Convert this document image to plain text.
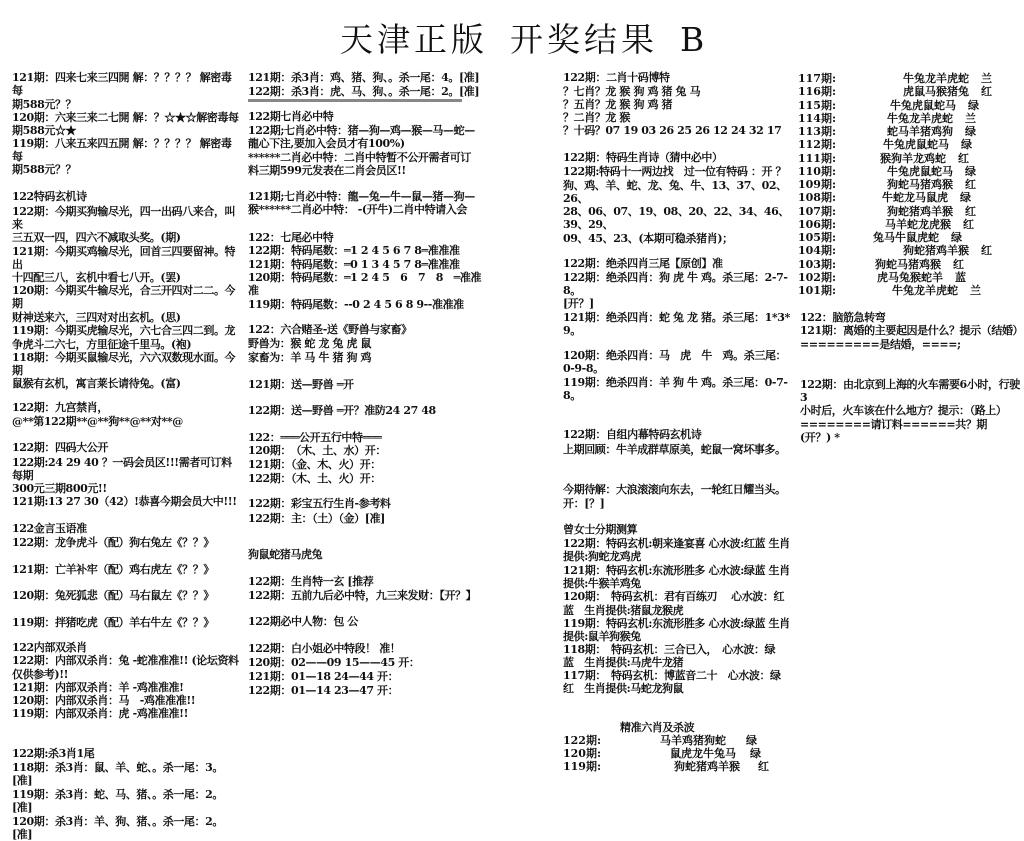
天津正版 开奖结果 B
121期：四来七来三四開 解：？？？？ 解密毒每
期588元？？
120期：六来三来二七開 解：？☆★☆解密毒每
期588元☆★
119期：八来五来四五開 解：？？？？ 解密毒每
期588元？？
122特码玄机诗
122期：今期买狗输尽光，四一出码八来合，叫来
三五双一四，四六不减取头奖。(期)
121期：今期买鸡输尽光，回首三四要留神。特出
十四配三八，玄机中看七八开。(罢)
120期：今期买牛输尽光，合三开四对二二。今期
财神送来六，三四对对出玄机。(思)
119期：今期买虎输尽光，六七合三四二到。龙
争虎斗二六七，方里征途千里马。(袍)
118期：今期买鼠输尽光，六六双数现水面。今期
鼠猴有玄机，寓言莱长请待兔。(富)
122期：九宫禁肖，
@**第122期**@**狗**@**对**@
122期：四码大公开
122期:24 29 40 ？一码会员区!!!需者可订料每期
300元三期800元!!
121期:13 27 30（42）!恭喜今期会员大中!!!
122金言玉语准
122期：龙争虎斗（配）狗右兔左《？？》
121期：亡羊补牢（配）鸡右虎左《？？》
120期：兔死狐悲（配）马右鼠左《？？》
119期：拌猪吃虎（配）羊右牛左《？？》
122内部双杀肖
122期：内部双杀肖：兔 -蛇准准准!! (论坛资料
仅供参考)!!
121期：内部双杀肖：羊 -鸡准准准!
120期：内部双杀肖：马　-鸡准准准!!
119期：内部双杀肖：虎 -鸡准准准!!
122期:杀3肖1尾
118期：杀3肖：鼠、羊、蛇、。杀一尾：3。[准]
119期：杀3肖：蛇、马、猪、。杀一尾：2。[准]
120期：杀3肖：羊、狗、猪、。杀一尾：2。[准]
121期：杀3肖：鸡、猪、狗、。杀一尾：4。[准]
122期：杀3肖：虎、马、狗、。杀一尾：2。[准]
122期七肖必中特
122期;七肖必中特：猪—狗—鸡—猴—马—蛇—
龍心下注,要加入会员才有100%)
******二肖必中特：二肖中特暂不公开需者可订
料三期599元发表在二肖会员区!!
121期;七肖必中特：龍—兔—牛—鼠—猪—狗—
猴******二肖必中特： -(开牛)二肖中特请入会
122：七尾必中特
122期：特码尾数：═1 2 4 5 6 7 8═准准准
121期：特码尾数：═0 1 3 4 5 7 8═准准准
120期：特码尾数：═1 2 4 5　6　7　8　═准准
准
119期：特码尾数：--0 2 4 5 6 8 9--准准准
122：六合赌圣-送《野兽与家畜》
野兽为：猴 蛇 龙 兔 虎 鼠
家畜为：羊 马 牛 猪 狗 鸡
121期：送—野兽 ═开
122期：送—野兽 ═开？准防24 27 48
122：═══公开五行中特═══
120期：　（木、土、水）开：
121期：（金、木、火）开：
122期：（木、土、火）开：
122期：彩宝五行生肖-参考料
122期：主：（土）（金）[准]
狗鼠蛇猪马虎兔
122期：生肖特一玄 [推荐
122期：五前九后必中特，九三来发财：【开？】
122期必中人物：包 公
122期：白小姐必中特段！ 准！
120期：02——09 15——45 开：
121期：01—18 24—44 开：
122期：01—14 23—47 开：
122期：二肖十码博特
？七肖？龙 猴 狗 鸡 猪 兔 马
？五肖？龙 猴 狗 鸡 猪
？二肖？龙 猴
？十码？07 19 03 26 25 26 12 24 32 17
122期：特码生肖诗（猜中必中）
122期:特码十一两边找　过一位有特码 ：开 ？
狗、鸡、羊、蛇、龙、兔、牛、13、37、02、26、
28、06、07、19、08、20、22、34、46、39、29、
09、45、23、(本期可稳杀猪肖)；
122期：绝杀四肖三尾【原创】准
122期：绝杀四肖：狗 虎 牛 鸡。杀三尾：2-7-8。
[开？]
121期：绝杀四肖：蛇 兔 龙 猪。杀三尾：1*3*9。
120期：绝杀四肖：马　虎　牛　鸡。杀三尾：
0-9-8。
119期：绝杀四肖：羊 狗 牛 鸡。杀三尾：0-7-8。
122期：自组内幕特码玄机诗
上期回顾：牛羊成群草原美，蛇鼠一窝坏事多。
今期待解：大浪滚滚向东去，一轮红日耀当头。
开：[？]
曾女士分期测算
122期：特码玄机:朝来逢宴喜 心水波:红蓝 生肖
提供:狗蛇龙鸡虎
121期：特码玄机:东流形胜多 心水波:绿蓝 生肖
提供:牛猴羊鸡兔
120期：　特码玄机：君有百练刃　 心水波：红
蓝　生肖提供:猪鼠龙猴虎
119期：特码玄机:东流形胜多 心水波:绿蓝 生肖
提供:鼠羊狗猴兔
118期：　特码玄机：三合已入，　心水波：绿
蓝　生肖提供:马虎牛龙猪
117期：　特码玄机：博蓝音二十　心水波：绿
红　生肖提供:马蛇龙狗鼠
精准六肖及杀波
122期:	马羊鸡猪狗蛇 绿
120期:	鼠虎龙牛兔马 绿
119期:	狗蛇猪鸡羊猴 红
122：脑筋急转弯
121期：离婚的主要起因是什么？提示（结婚）
=========是结婚，====;
122期：由北京到上海的火车需要6小时，行驶3
小时后，火车该在什么地方？提示：（路上）
========请订料======共？期
(开？) *
117期:	牛兔龙羊虎蛇 兰
116期:	虎鼠马猴猪兔 红
115期:	牛兔虎鼠蛇马 绿
114期:	牛兔龙羊虎蛇 兰
113期:	蛇马羊猪鸡狗 绿
112期:	牛兔虎鼠蛇马 绿
111期:	猴狗羊龙鸡蛇 红
110期:	牛兔虎鼠蛇马 绿
109期:	狗蛇马猪鸡猴 红
108期:	牛蛇龙马鼠虎 绿
107期:	狗蛇猪鸡羊猴 红
106期:	马羊蛇龙虎猴 红
105期:	兔马牛鼠虎蛇 绿
104期:	狗蛇猪鸡羊猴 红
103期:	狗蛇马猪鸡猴 红
102期:	虎马兔猴蛇羊 蓝
101期:	牛兔龙羊虎蛇 兰
